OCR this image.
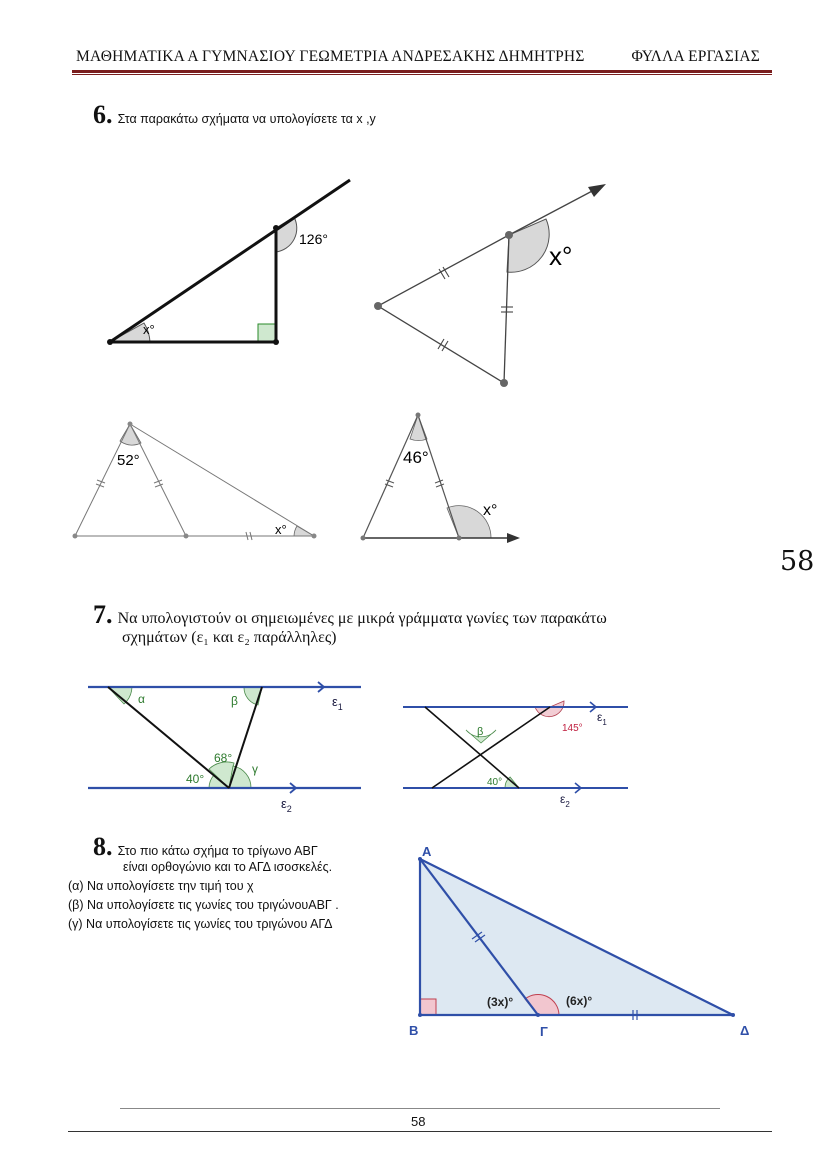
ΜΑΘΗΜΑΤΙΚΑ Α ΓΥΜΝΑΣΙΟΥ ΓΕΩΜΕΤΡΙΑ ΑΝΔΡΕΣΑΚΗΣ ΔΗΜΗΤΡΗΣ	ΦΥΛΛΑ ΕΡΓΑΣΙΑΣ
58
6. Στα παρακάτω σχήματα να υπολογίσετε τα x ,y
126°
x°
x°
52°
x°
46°
x°
7. Να υπολογιστούν οι σημειωμένες με μικρά γράμματα γωνίες των παρακάτω
σχημάτων (ε₁ και ε₂ παράλληλες)
α	β
68°
40°
γ
$\varepsilon_1$
$\varepsilon_2$
β	145°
40°
$\varepsilon_1$
$\varepsilon_2$
8. Στο πιο κάτω σχήμα το τρίγωνο ΑΒΓ
είναι ορθογώνιο και το ΑΓΔ ισοσκελές.
(α) Να υπολογίσετε την τιμή του χ
(β) Να υπολογίσετε τις γωνίες του τριγώνουΑΒΓ .
(γ) Να υπολογίσετε τις γωνίες του τριγώνου ΑΓΔ
Α
Β	Γ	Δ
(3x)°	(6x)°
58
